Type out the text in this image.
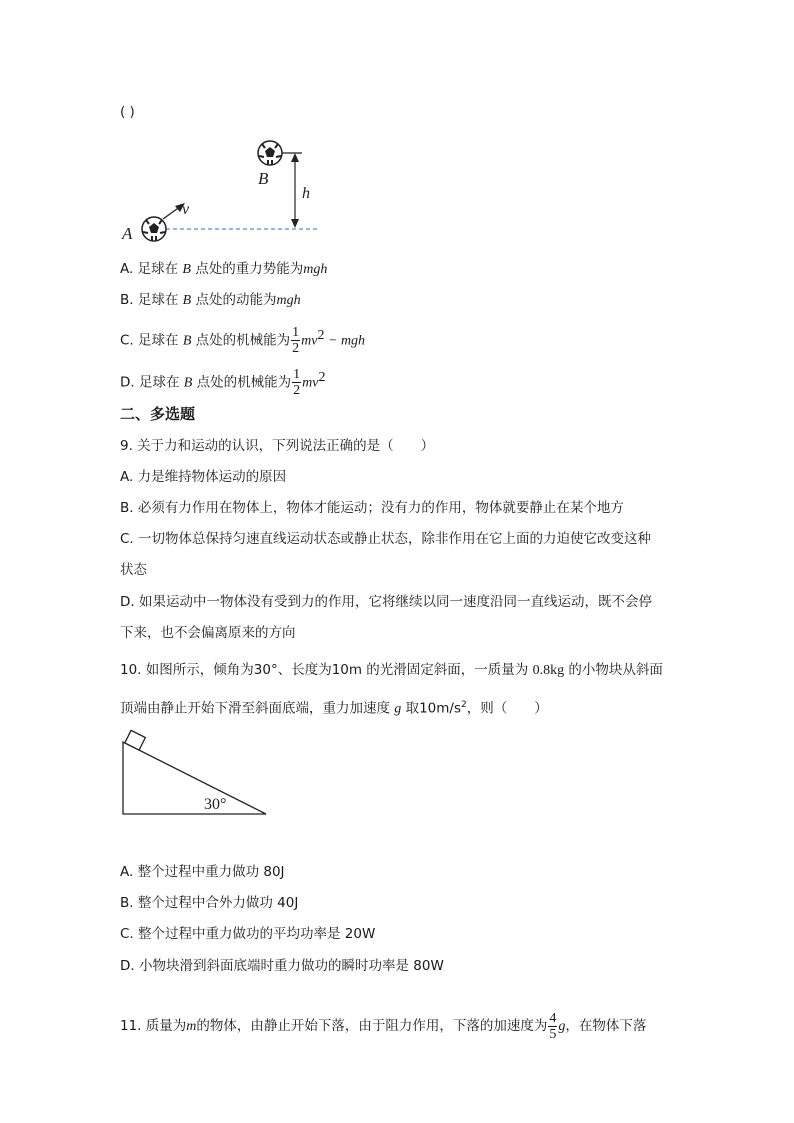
( )
h
B
v
A
A. 足球在 B 点处的重力势能为mgh
B. 足球在 B 点处的动能为mgh
C. 足球在 B 点处的机械能为 $\frac{1}{2} mv^2$ − mgh
D. 足球在 B 点处的机械能为 $\frac{1}{2} mv^2$
二、多选题
9. 关于力和运动的认识，下列说法正确的是（　　）
A. 力是维持物体运动的原因
B. 必须有力作用在物体上，物体才能运动；没有力的作用，物体就要静止在某个地方
C. 一切物体总保持匀速直线运动状态或静止状态，除非作用在它上面的力迫使它改变这种
状态
D. 如果运动中一物体没有受到力的作用，它将继续以同一速度沿同一直线运动，既不会停
下来，也不会偏离原来的方向
10. 如图所示，倾角为30°、长度为10m 的光滑固定斜面，一质量为 0.8kg 的小物块从斜面
顶端由静止开始下滑至斜面底端，重力加速度 g 取$10m/s^2$，则（　　）
30°
A. 整个过程中重力做功 80J
B. 整个过程中合外力做功 40J
C. 整个过程中重力做功的平均功率是 20W
D. 小物块滑到斜面底端时重力做功的瞬时功率是 80W
11. 质量为m的物体，由静止开始下落，由于阻力作用，下落的加速度为 $\frac{4}{5}$ g，在物体下落
